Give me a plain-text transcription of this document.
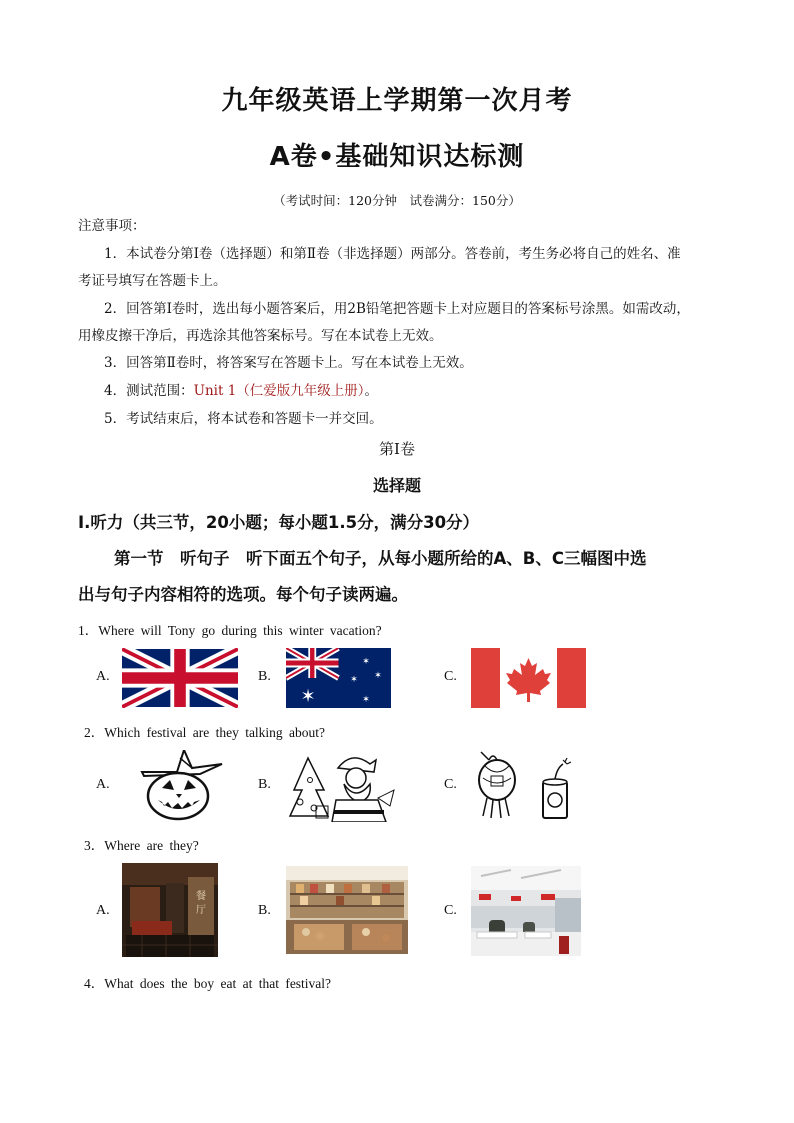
九年级英语上学期第一次月考
A卷•基础知识达标测
（考试时间：120分钟　试卷满分：150分）
注意事项：
1．本试卷分第Ⅰ卷（选择题）和第Ⅱ卷（非选择题）两部分。答卷前，考生务必将自己的姓名、准
考证号填写在答题卡上。
2．回答第Ⅰ卷时，选出每小题答案后，用2B铅笔把答题卡上对应题目的答案标号涂黑。如需改动，
用橡皮擦干净后，再选涂其他答案标号。写在本试卷上无效。
3．回答第Ⅱ卷时，将答案写在答题卡上。写在本试卷上无效。
4．测试范围：Unit 1（仁爱版九年级上册）。
5．考试结束后，将本试卷和答题卡一并交回。
第Ⅰ卷
选择题
Ⅰ.听力（共三节，20小题；每小题1.5分，满分30分）
第一节　听句子　听下面五个句子，从每小题所给的A、B、C三幅图中选
出与句子内容相符的选项。每个句子读两遍。
1．Where will Tony go during this winter vacation?
A.	B.	C.
✶
✶
✶ ✶
✶
2．Which festival are they talking about?
A.	B.	C.
3．Where are they?
A.	B.	C.
餐
厅
4．What does the boy eat at that festival?
